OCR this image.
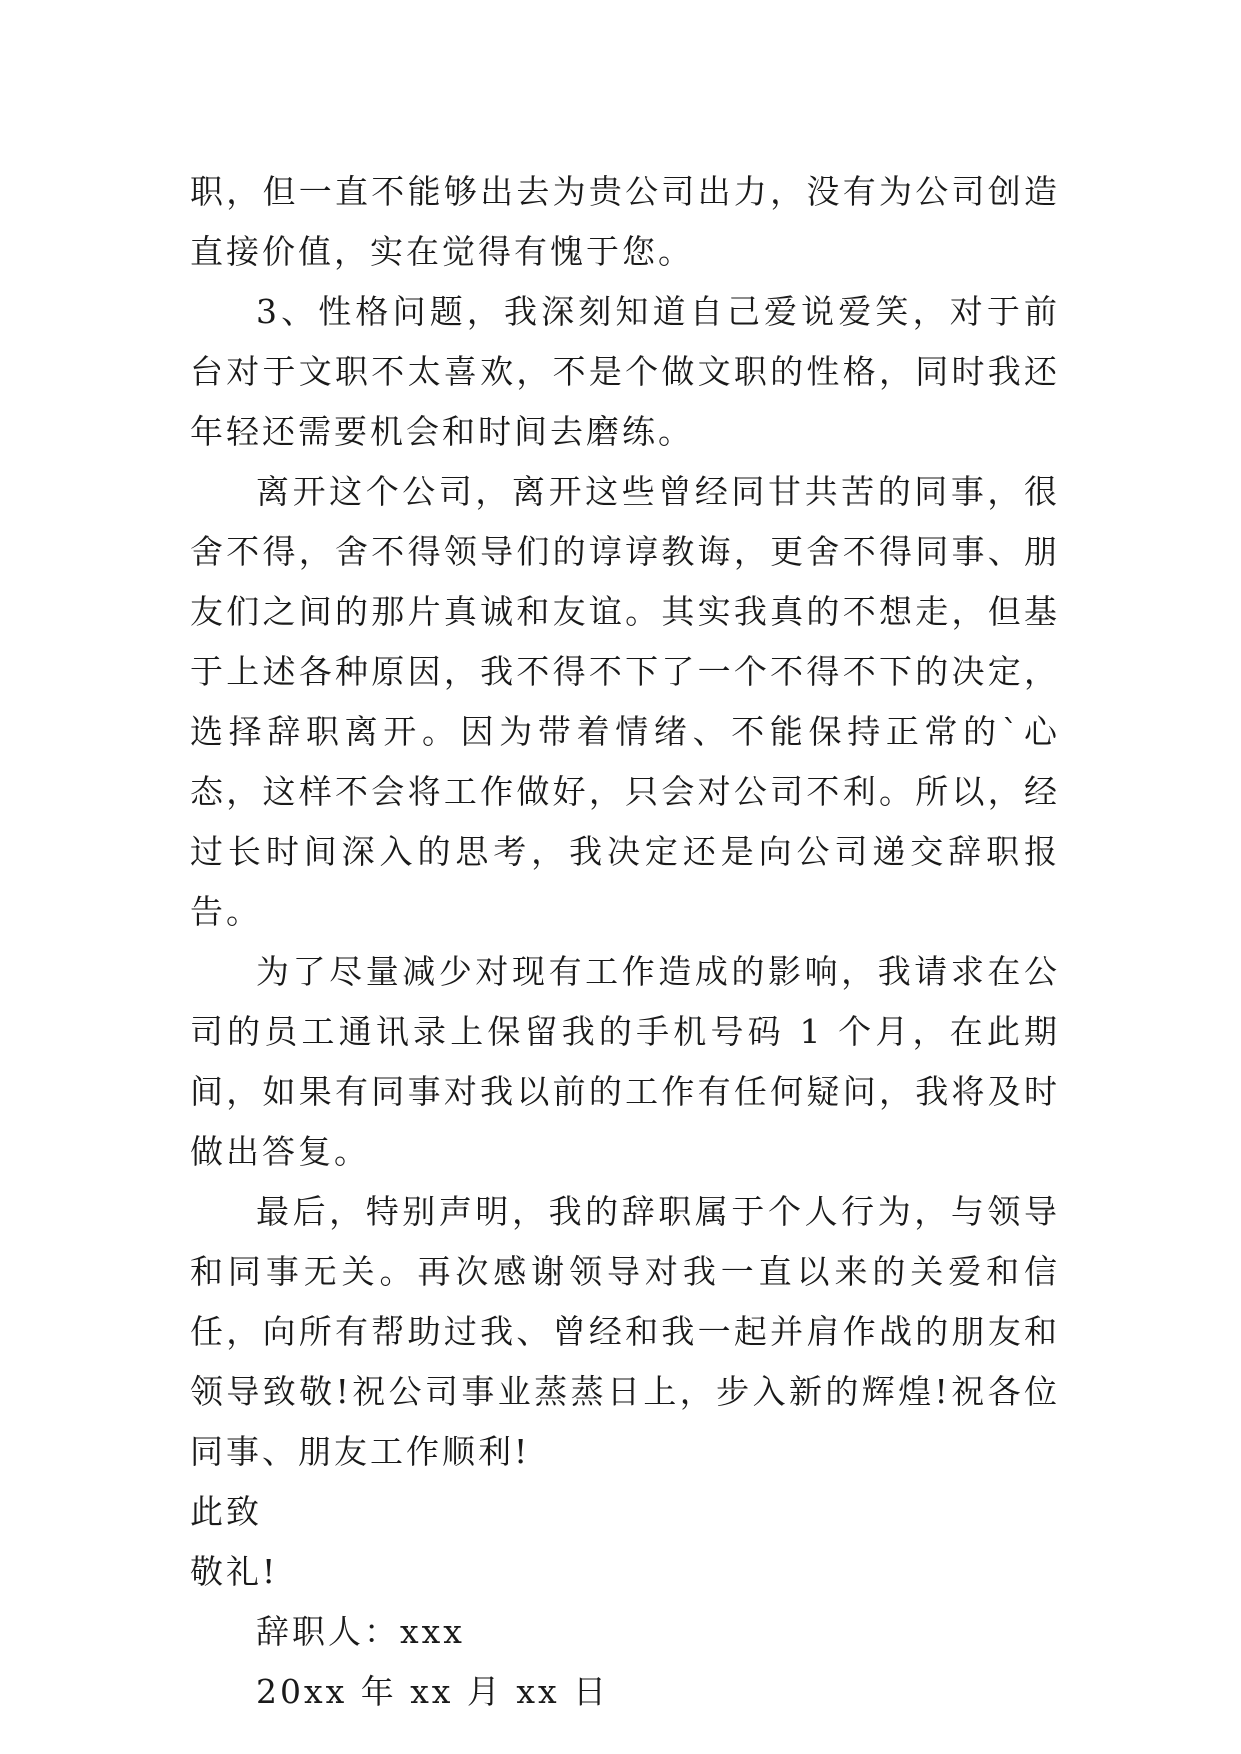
职，但一直不能够出去为贵公司出力，没有为公司创造直接价值，实在觉得有愧于您。

3、性格问题，我深刻知道自己爱说爱笑，对于前台对于文职不太喜欢，不是个做文职的性格，同时我还年轻还需要机会和时间去磨练。

离开这个公司，离开这些曾经同甘共苦的同事，很舍不得，舍不得领导们的谆谆教诲，更舍不得同事、朋友们之间的那片真诚和友谊。其实我真的不想走，但基于上述各种原因，我不得不下了一个不得不下的决定，选择辞职离开。因为带着情绪、不能保持正常的`心态，这样不会将工作做好，只会对公司不利。所以，经过长时间深入的思考，我决定还是向公司递交辞职报告。

为了尽量减少对现有工作造成的影响，我请求在公司的员工通讯录上保留我的手机号码 1 个月，在此期间，如果有同事对我以前的工作有任何疑问，我将及时做出答复。

最后，特别声明，我的辞职属于个人行为，与领导和同事无关。再次感谢领导对我一直以来的关爱和信任，向所有帮助过我、曾经和我一起并肩作战的朋友和领导致敬!祝公司事业蒸蒸日上，步入新的辉煌!祝各位同事、朋友工作顺利!

此致

敬礼!

辞职人：xxx

20xx 年 xx 月 xx 日
